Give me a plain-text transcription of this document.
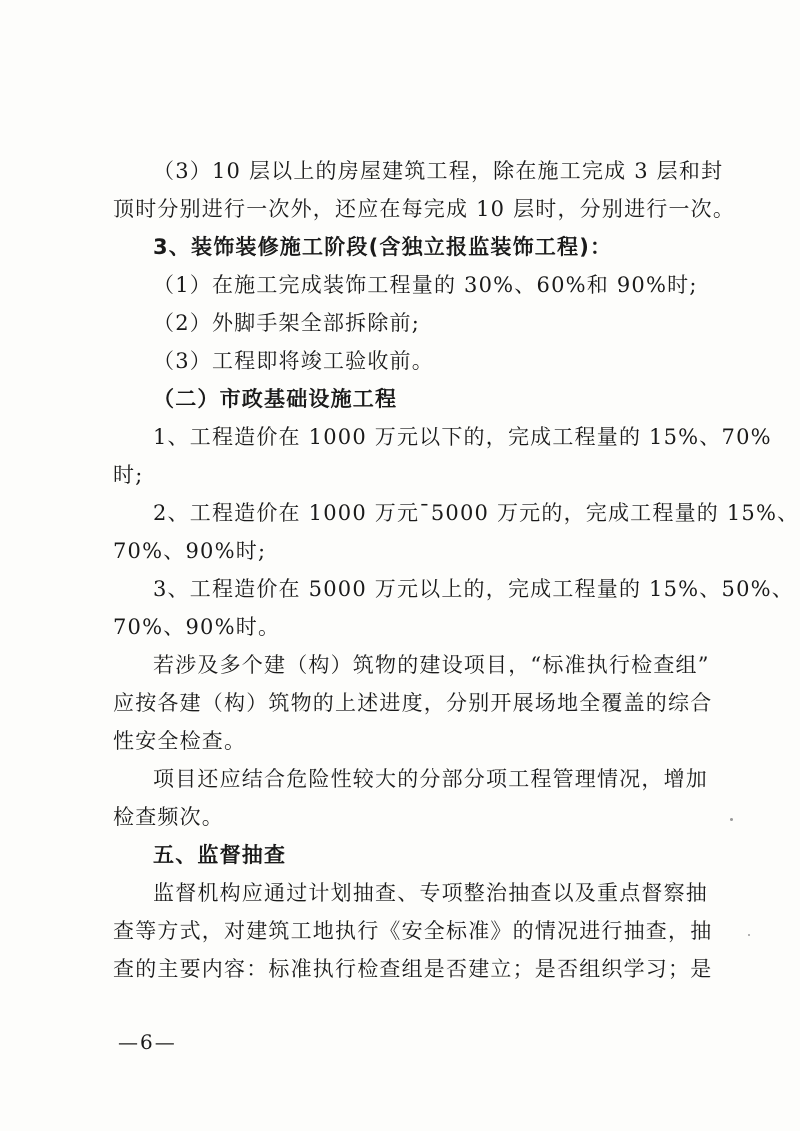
（3）10 层以上的房屋建筑工程，除在施工完成 3 层和封
顶时分别进行一次外，还应在每完成 10 层时，分别进行一次。
3、装饰装修施工阶段(含独立报监装饰工程)：
（1）在施工完成装饰工程量的 30%、60%和 90%时;
（2）外脚手架全部拆除前;
（3）工程即将竣工验收前。
（二）市政基础设施工程
1、工程造价在 1000 万元以下的，完成工程量的 15%、70%
时;
2、工程造价在 1000 万元¯5000 万元的，完成工程量的 15%、
70%、90%时;
3、工程造价在 5000 万元以上的，完成工程量的 15%、50%、
70%、90%时。
若涉及多个建（构）筑物的建设项目，“标准执行检查组”
应按各建（构）筑物的上述进度，分别开展场地全覆盖的综合
性安全检查。
项目还应结合危险性较大的分部分项工程管理情况，增加
检查频次。
五、监督抽查
监督机构应通过计划抽查、专项整治抽查以及重点督察抽
查等方式，对建筑工地执行《安全标准》的情况进行抽查，抽
查的主要内容：标准执行检查组是否建立；是否组织学习；是
—6—
